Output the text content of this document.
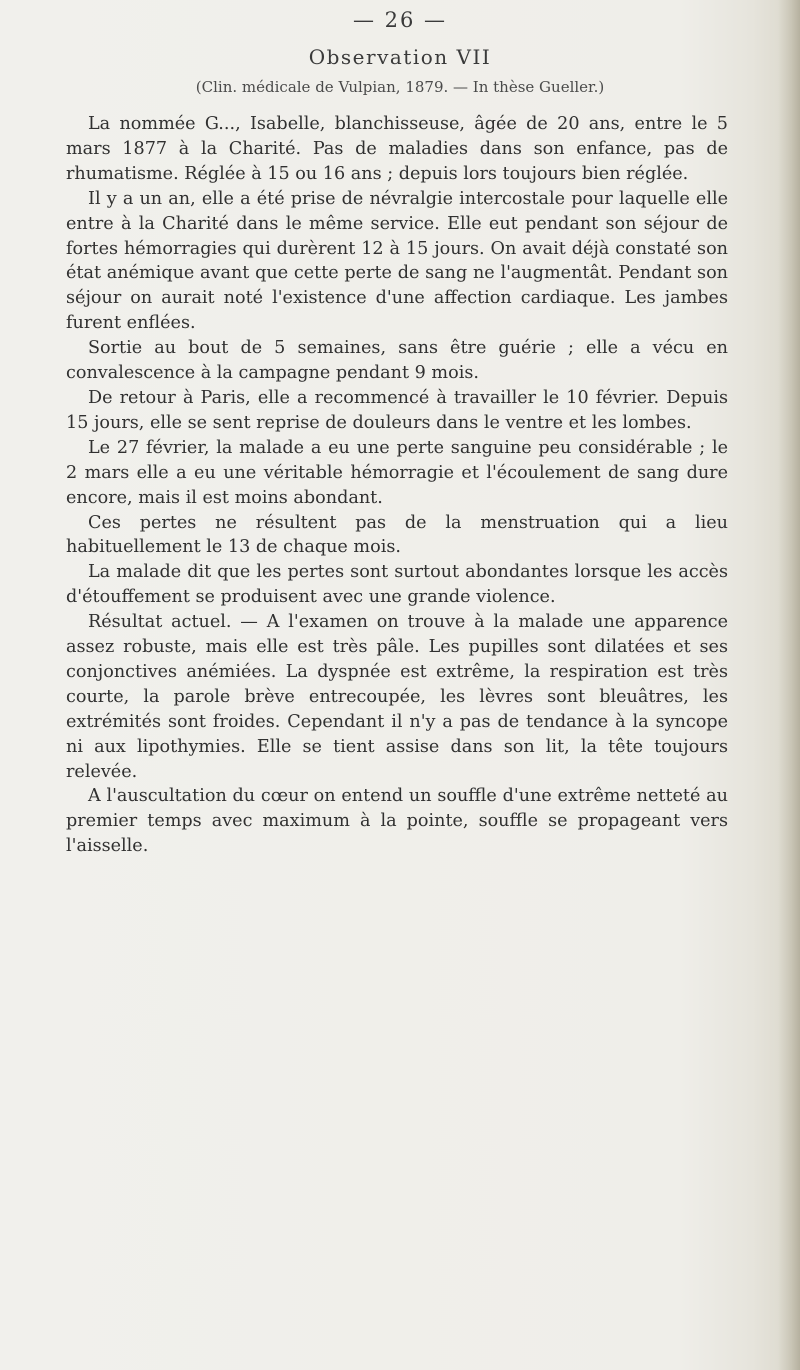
— 26 —
Observation VII
(Clin. médicale de Vulpian, 1879. — In thèse Gueller.)

La nommée G..., Isabelle, blanchisseuse, âgée de 20 ans, entre le 5 mars 1877 à la Charité. Pas de maladies dans son enfance, pas de rhumatisme. Réglée à 15 ou 16 ans ; depuis lors toujours bien réglée.

Il y a un an, elle a été prise de névralgie intercostale pour laquelle elle entre à la Charité dans le même service. Elle eut pendant son séjour de fortes hémorragies qui durèrent 12 à 15 jours. On avait déjà constaté son état anémique avant que cette perte de sang ne l'augmentât. Pendant son séjour on aurait noté l'existence d'une affection cardiaque. Les jambes furent enflées.

Sortie au bout de 5 semaines, sans être guérie ; elle a vécu en convalescence à la campagne pendant 9 mois.

De retour à Paris, elle a recommencé à travailler le 10 février. Depuis 15 jours, elle se sent reprise de douleurs dans le ventre et les lombes.

Le 27 février, la malade a eu une perte sanguine peu considérable ; le 2 mars elle a eu une véritable hémorragie et l'écoulement de sang dure encore, mais il est moins abondant.

Ces pertes ne résultent pas de la menstruation qui a lieu habituellement le 13 de chaque mois.

La malade dit que les pertes sont surtout abondantes lorsque les accès d'étouffement se produisent avec une grande violence.

Résultat actuel. — A l'examen on trouve à la malade une apparence assez robuste, mais elle est très pâle. Les pupilles sont dilatées et ses conjonctives anémiées. La dyspnée est extrême, la respiration est très courte, la parole brève entrecoupée, les lèvres sont bleuâtres, les extrémités sont froides. Cependant il n'y a pas de tendance à la syncope ni aux lipothymies. Elle se tient assise dans son lit, la tête toujours relevée.

A l'auscultation du cœur on entend un souffle d'une extrême netteté au premier temps avec maximum à la pointe, souffle se propageant vers l'aisselle.
